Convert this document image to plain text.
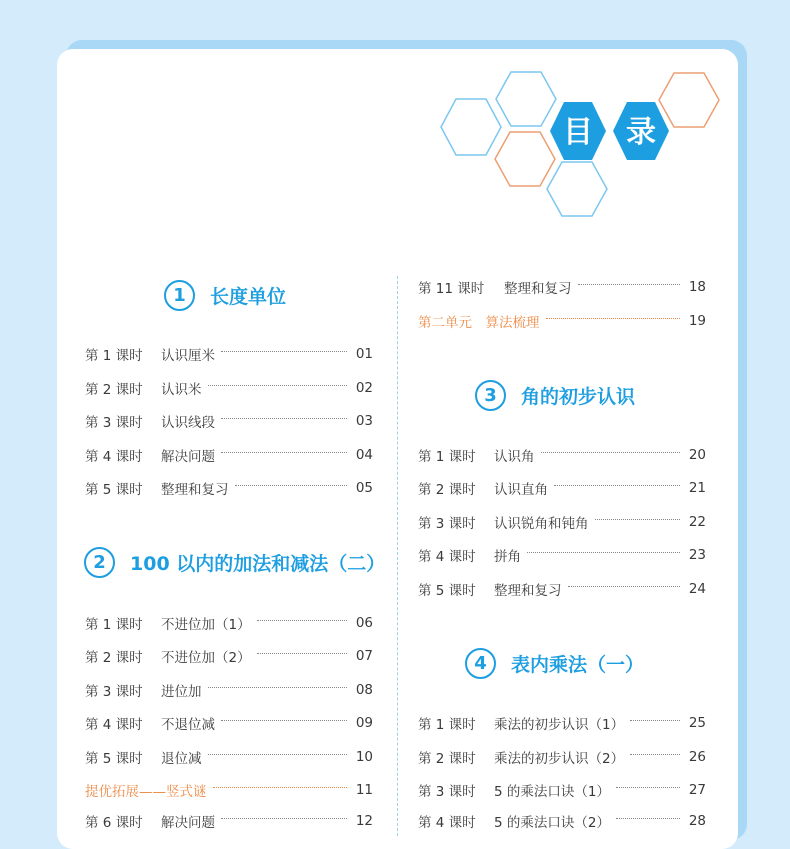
目 录
1	长度单位
2	100 以内的加法和减法（二）
3	角的初步认识
4	表内乘法（一）
第 1 课时	认识厘米	01
第 2 课时	认识米	02
第 3 课时	认识线段	03
第 4 课时	解决问题	04
第 5 课时	整理和复习	05
第 1 课时	不进位加（1）	06
第 2 课时	不进位加（2）	07
第 3 课时	进位加	08
第 4 课时	不退位减	09
第 5 课时	退位减	10
提优拓展——竖式谜	11
第 6 课时	解决问题	12
第 11 课时	整理和复习	18
第二单元　算法梳理	19
第 1 课时	认识角	20
第 2 课时	认识直角	21
第 3 课时	认识锐角和钝角	22
第 4 课时	拼角	23
第 5 课时	整理和复习	24
第 1 课时	乘法的初步认识（1）	25
第 2 课时	乘法的初步认识（2）	26
第 3 课时	5 的乘法口诀（1）	27
第 4 课时	5 的乘法口诀（2）	28
